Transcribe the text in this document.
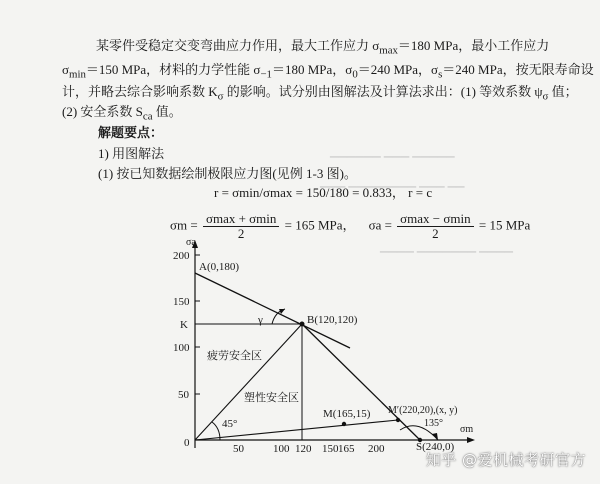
▁▁▁▁▁▁ ▁▁▁ ▁▁▁▁▁
▁▁▁ ▁▁▁▁▁▁▁▁ ▁▁▁ ▁▁
▁▁▁▁ ▁▁▁▁▁▁▁ ▁▁▁▁
某零件受稳定交变弯曲应力作用，最大工作应力 $\sigma_{max}=180$ MPa，最小工作应力
$\sigma_{min}=150$ MPa，材料的力学性能 $\sigma_{-1}=180$ MPa，$\sigma_0=240$ MPa，$\sigma_s=240$ MPa，按无限寿命设
计，并略去综合影响系数 $K_\sigma$ 的影响。试分别由图解法及计算法求出：(1) 等效系数 $\psi_\sigma$ 值；
(2) 安全系数 $S_{ca}$ 值。
解题要点：
1) 用图解法
(1) 按已知数据绘制极限应力图(见例 1-3 图)。
r = σmin/σmax = 150/180 = 0.833， r = c
$\sigma m = \frac{\sigma\max + \sigma\min}{2} = 165$ MPa， $\sigma a = \frac{\sigma\max - \sigma\min}{2} = 15$ MPa
σa
σm
200
150
100
50
0	50	100 120 150 165 200
K	γ
45°	135°
A(0,180)
B(120,120)
M(165,15) M′(220,20),(x, y)
S(240,0)
疲劳安全区
塑性安全区
知乎 @爱机械考研官方
